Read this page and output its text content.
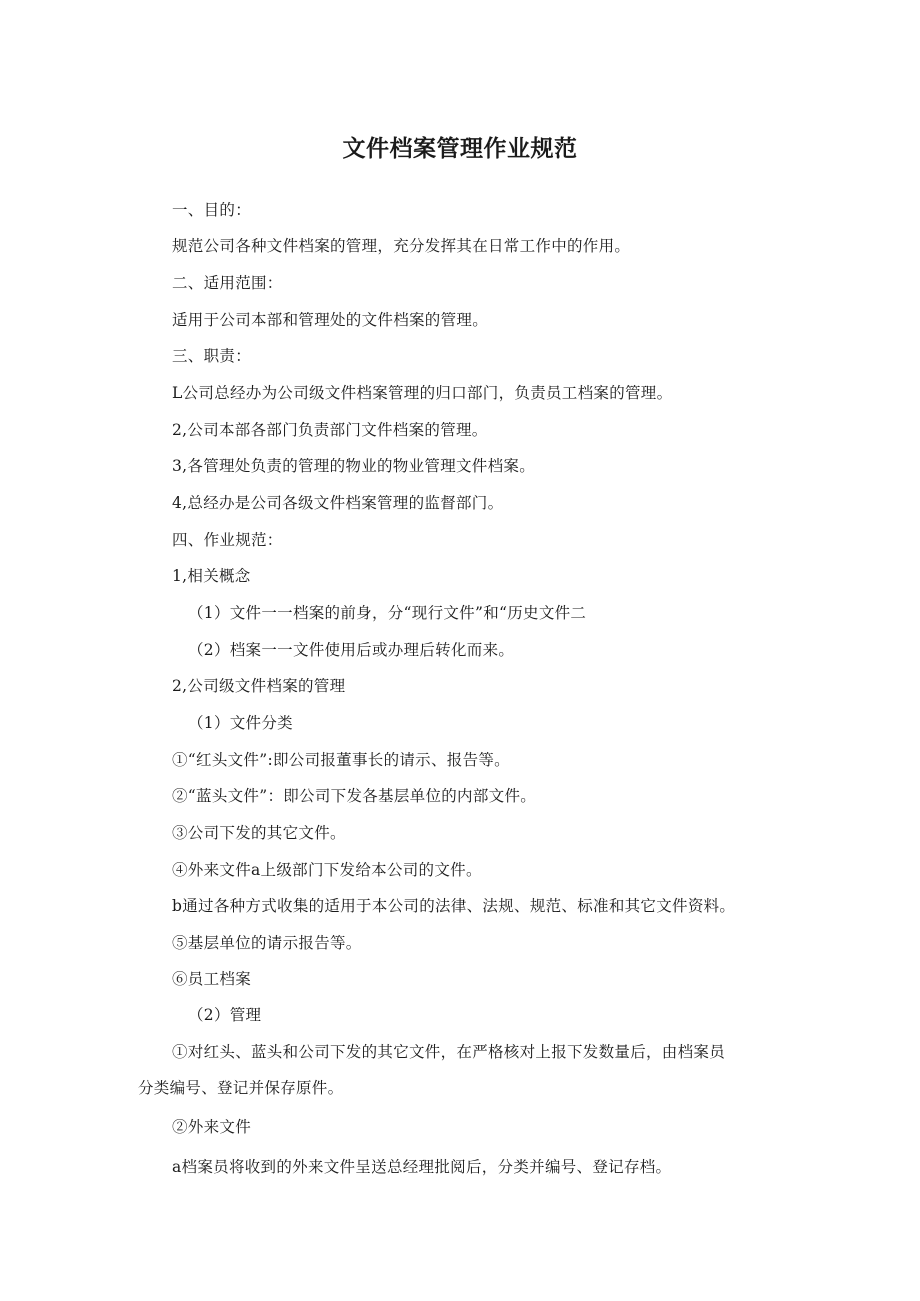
文件档案管理作业规范
一、目的：
规范公司各种文件档案的管理，充分发挥其在日常工作中的作用。
二、适用范围：
适用于公司本部和管理处的文件档案的管理。
三、职责：
L公司总经办为公司级文件档案管理的归口部门，负责员工档案的管理。
2,公司本部各部门负责部门文件档案的管理。
3,各管理处负责的管理的物业的物业管理文件档案。
4,总经办是公司各级文件档案管理的监督部门。
四、作业规范：
1,相关概念
（1）文件一一档案的前身，分“现行文件”和“历史文件二
（2）档案一一文件使用后或办理后转化而来。
2,公司级文件档案的管理
（1）文件分类
①“红头文件”:即公司报董事长的请示、报告等。
②“蓝头文件”：即公司下发各基层单位的内部文件。
③公司下发的其它文件。
④外来文件a上级部门下发给本公司的文件。
b通过各种方式收集的适用于本公司的法律、法规、规范、标准和其它文件资料。
⑤基层单位的请示报告等。
⑥员工档案
（2）管理
①对红头、蓝头和公司下发的其它文件，在严格核对上报下发数量后，由档案员
分类编号、登记并保存原件。
②外来文件
a档案员将收到的外来文件呈送总经理批阅后，分类并编号、登记存档。
